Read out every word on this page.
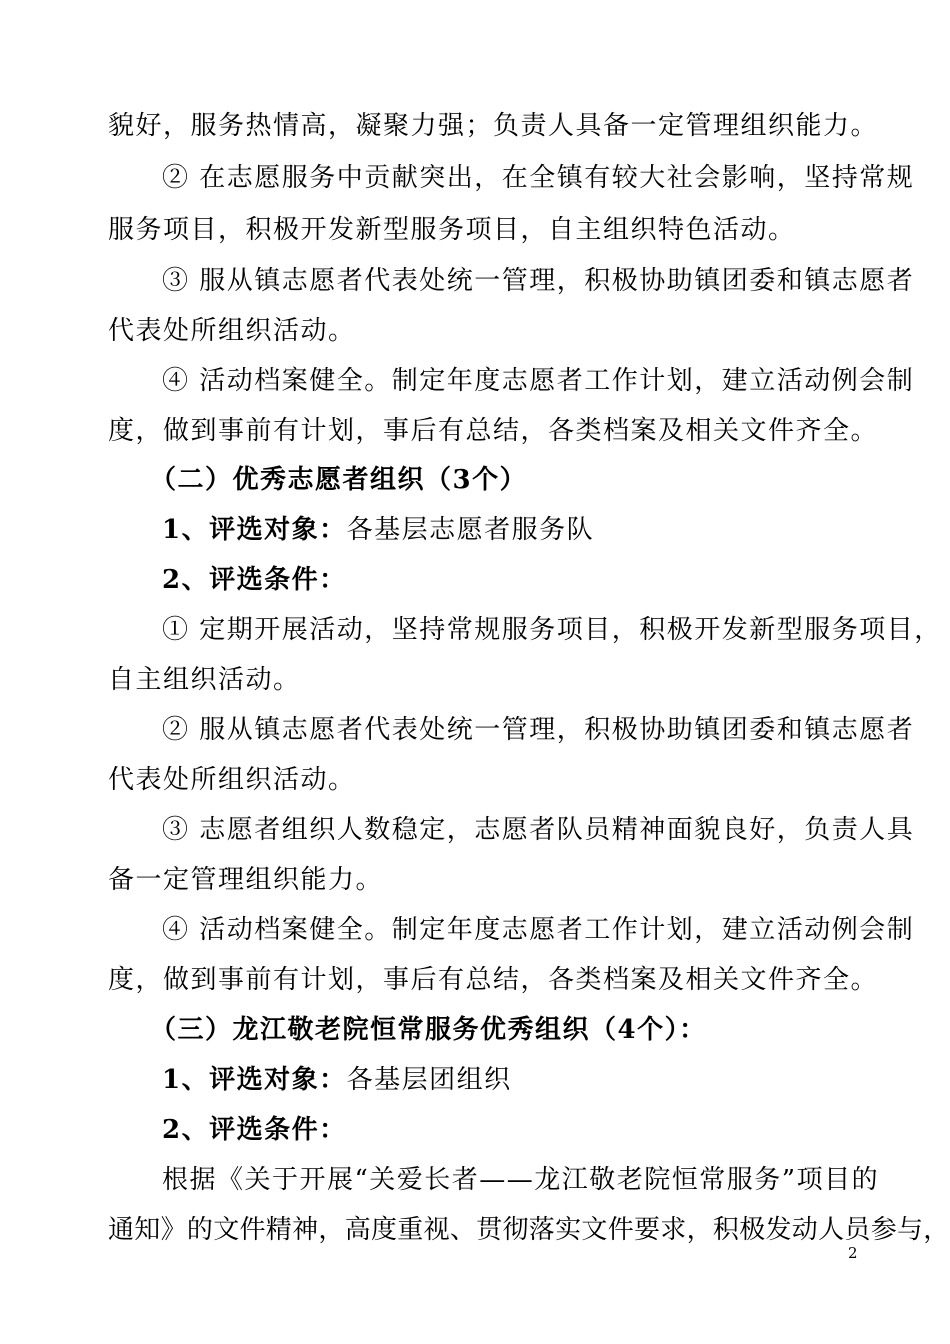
貌好，服务热情高，凝聚力强；负责人具备一定管理组织能力。
② 在志愿服务中贡献突出，在全镇有较大社会影响，坚持常规
服务项目，积极开发新型服务项目，自主组织特色活动。
③ 服从镇志愿者代表处统一管理，积极协助镇团委和镇志愿者
代表处所组织活动。
④ 活动档案健全。制定年度志愿者工作计划，建立活动例会制
度，做到事前有计划，事后有总结，各类档案及相关文件齐全。
（二）优秀志愿者组织（3个）
1、评选对象：各基层志愿者服务队
2、评选条件：
① 定期开展活动，坚持常规服务项目，积极开发新型服务项目，
自主组织活动。
② 服从镇志愿者代表处统一管理，积极协助镇团委和镇志愿者
代表处所组织活动。
③ 志愿者组织人数稳定，志愿者队员精神面貌良好，负责人具
备一定管理组织能力。
④ 活动档案健全。制定年度志愿者工作计划，建立活动例会制
度，做到事前有计划，事后有总结，各类档案及相关文件齐全。
（三）龙江敬老院恒常服务优秀组织（4个）：
1、评选对象：各基层团组织
2、评选条件：
根据《关于开展“关爱长者——龙江敬老院恒常服务”项目的
通知》的文件精神，高度重视、贯彻落实文件要求，积极发动人员参与，
2
